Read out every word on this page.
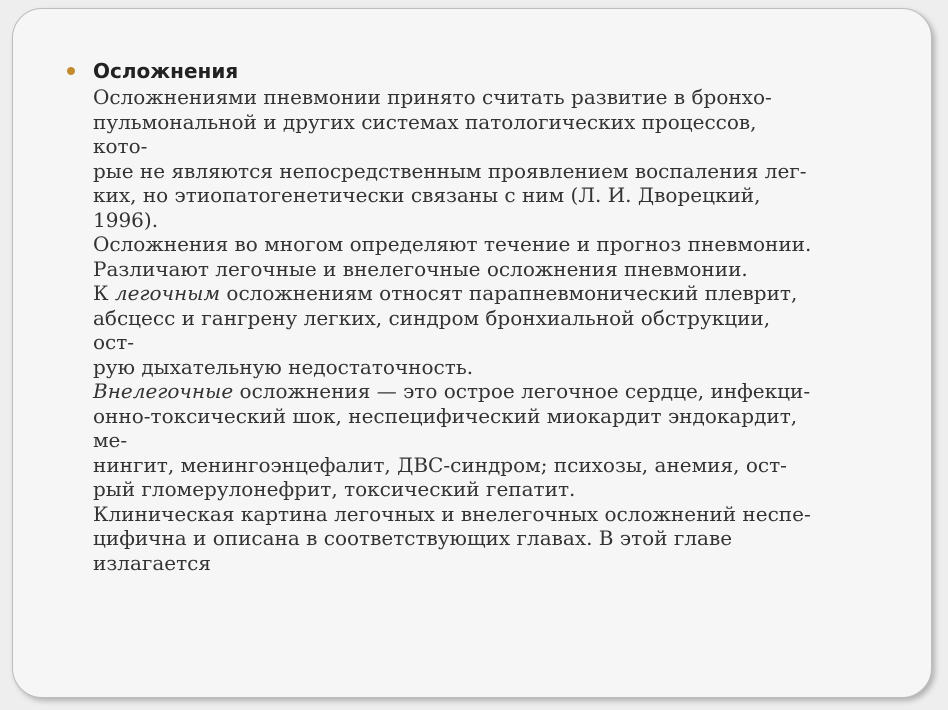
Осложнения
Осложнениями пневмонии принято считать развитие в бронхо-
пульмональной и других системах патологических процессов,
кото-
рые не являются непосредственным проявлением воспаления лег-
ких, но этиопатогенетически связаны с ним (Л. И. Дворецкий,
1996).
Осложнения во многом определяют течение и прогноз пневмонии.
Различают легочные и внелегочные осложнения пневмонии.
К легочным осложнениям относят парапневмонический плеврит,
абсцесс и гангрену легких, синдром бронхиальной обструкции,
ост-
рую дыхательную недостаточность.
Внелегочные осложнения — это острое легочное сердце, инфекци-
онно-токсический шок, неспецифический миокардит эндокардит,
ме-
нингит, менингоэнцефалит, ДВС-синдром; психозы, анемия, ост-
рый гломерулонефрит, токсический гепатит.
Клиническая картина легочных и внелегочных осложнений неспе-
цифична и описана в соответствующих главах. В этой главе
излагается
